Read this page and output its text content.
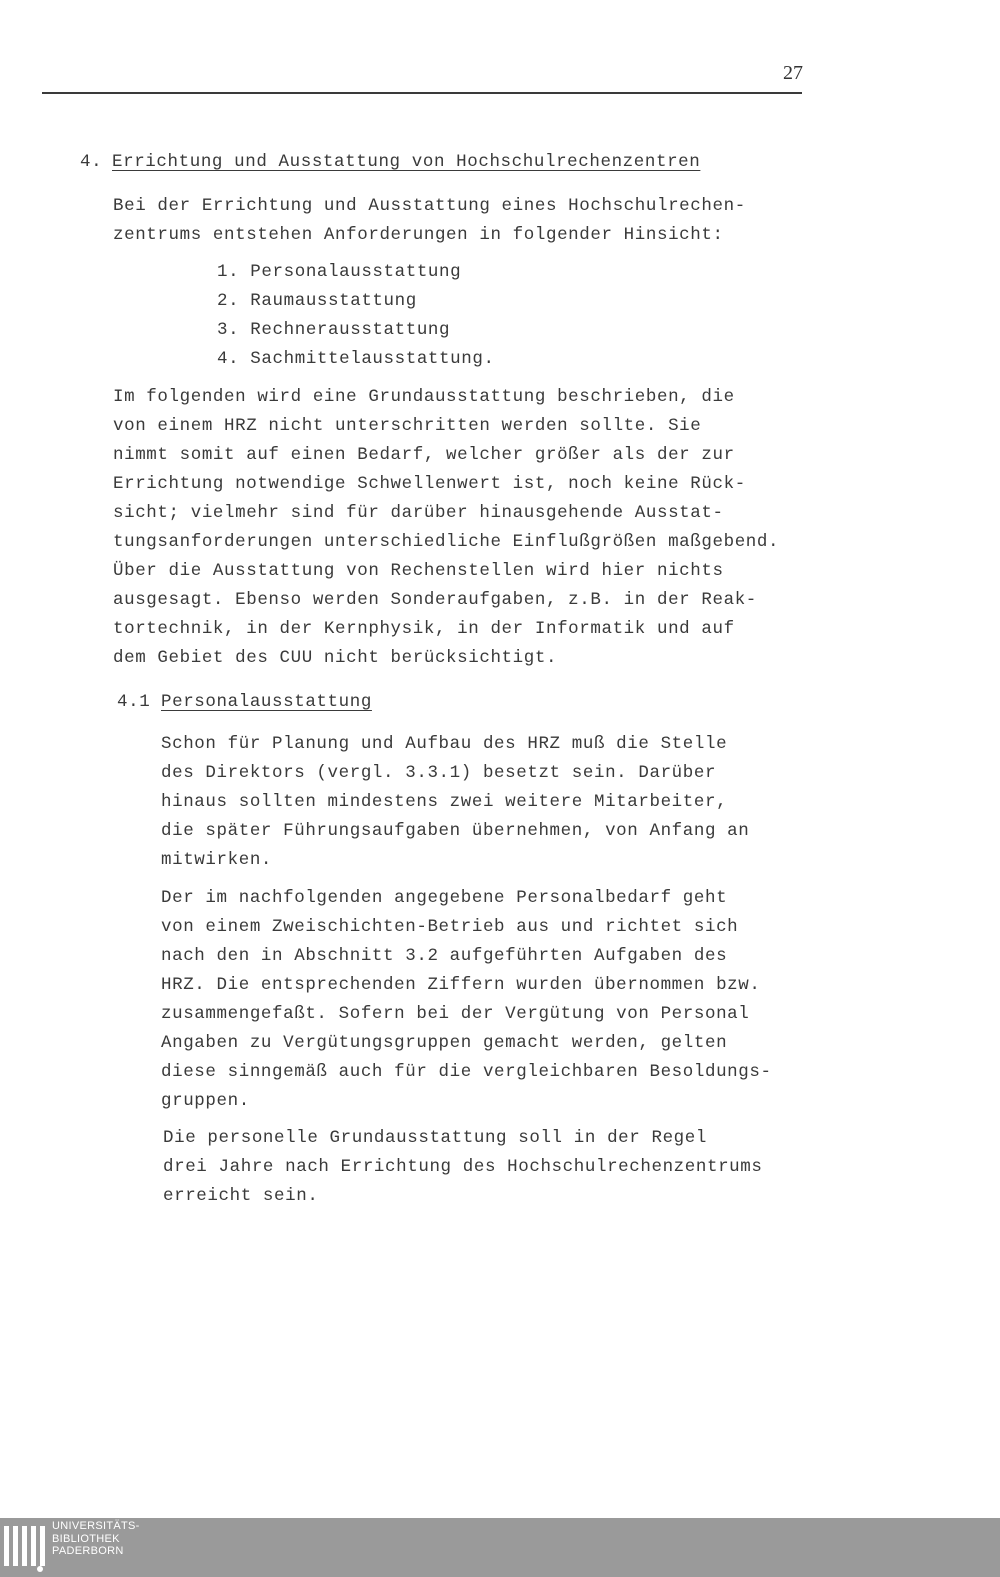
27
4. Errichtung und Ausstattung von Hochschulrechenzentren
Bei der Errichtung und Ausstattung eines Hochschulrechen-
zentrums entstehen Anforderungen in folgender Hinsicht:
1. Personalausstattung
2. Raumausstattung
3. Rechnerausstattung
4. Sachmittelausstattung.
Im folgenden wird eine Grundausstattung beschrieben, die
von einem HRZ nicht unterschritten werden sollte. Sie
nimmt somit auf einen Bedarf, welcher größer als der zur
Errichtung notwendige Schwellenwert ist, noch keine Rück-
sicht; vielmehr sind für darüber hinausgehende Ausstat-
tungsanforderungen unterschiedliche Einflußgrößen maßgebend.
Über die Ausstattung von Rechenstellen wird hier nichts
ausgesagt. Ebenso werden Sonderaufgaben, z.B. in der Reak-
tortechnik, in der Kernphysik, in der Informatik und auf
dem Gebiet des CUU nicht berücksichtigt.
4.1 Personalausstattung
Schon für Planung und Aufbau des HRZ muß die Stelle
des Direktors (vergl. 3.3.1) besetzt sein. Darüber
hinaus sollten mindestens zwei weitere Mitarbeiter,
die später Führungsaufgaben übernehmen, von Anfang an
mitwirken.
Der im nachfolgenden angegebene Personalbedarf geht
von einem Zweischichten-Betrieb aus und richtet sich
nach den in Abschnitt 3.2 aufgeführten Aufgaben des
HRZ. Die entsprechenden Ziffern wurden übernommen bzw.
zusammengefaßt. Sofern bei der Vergütung von Personal
Angaben zu Vergütungsgruppen gemacht werden, gelten
diese sinngemäß auch für die vergleichbaren Besoldungs-
gruppen.
Die personelle Grundausstattung soll in der Regel
drei Jahre nach Errichtung des Hochschulrechenzentrums
erreicht sein.
UNIVERSITÄTS-
BIBLIOTHEK
PADERBORN
